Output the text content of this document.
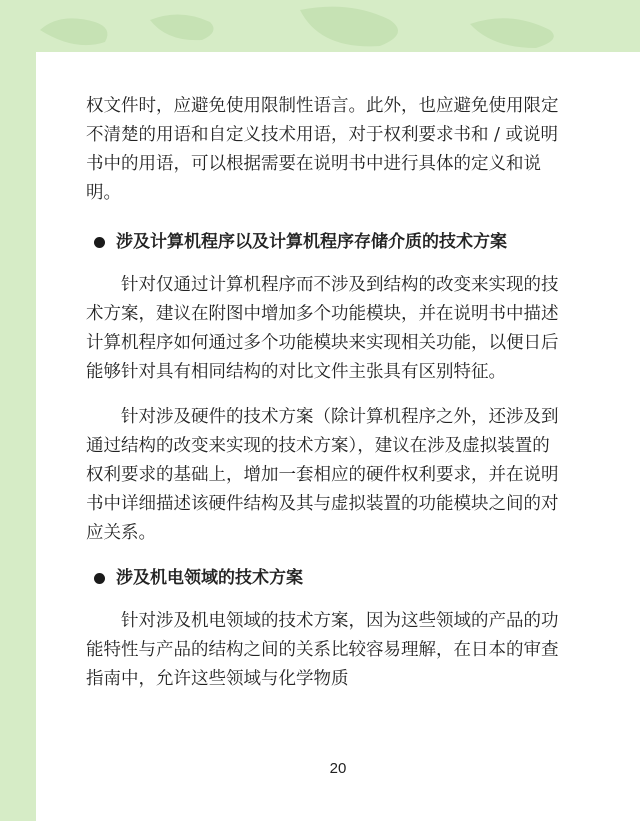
权文件时，应避免使用限制性语言。此外，也应避免使用限定不清楚的用语和自定义技术用语，对于权利要求书和 / 或说明书中的用语，可以根据需要在说明书中进行具体的定义和说明。

涉及计算机程序以及计算机程序存储介质的技术方案

针对仅通过计算机程序而不涉及到结构的改变来实现的技术方案，建议在附图中增加多个功能模块，并在说明书中描述计算机程序如何通过多个功能模块来实现相关功能，以便日后能够针对具有相同结构的对比文件主张具有区别特征。

针对涉及硬件的技术方案（除计算机程序之外，还涉及到通过结构的改变来实现的技术方案），建议在涉及虚拟装置的权利要求的基础上，增加一套相应的硬件权利要求，并在说明书中详细描述该硬件结构及其与虚拟装置的功能模块之间的对应关系。

涉及机电领域的技术方案

针对涉及机电领域的技术方案，因为这些领域的产品的功能特性与产品的结构之间的关系比较容易理解，在日本的审查指南中，允许这些领域与化学物质

20
